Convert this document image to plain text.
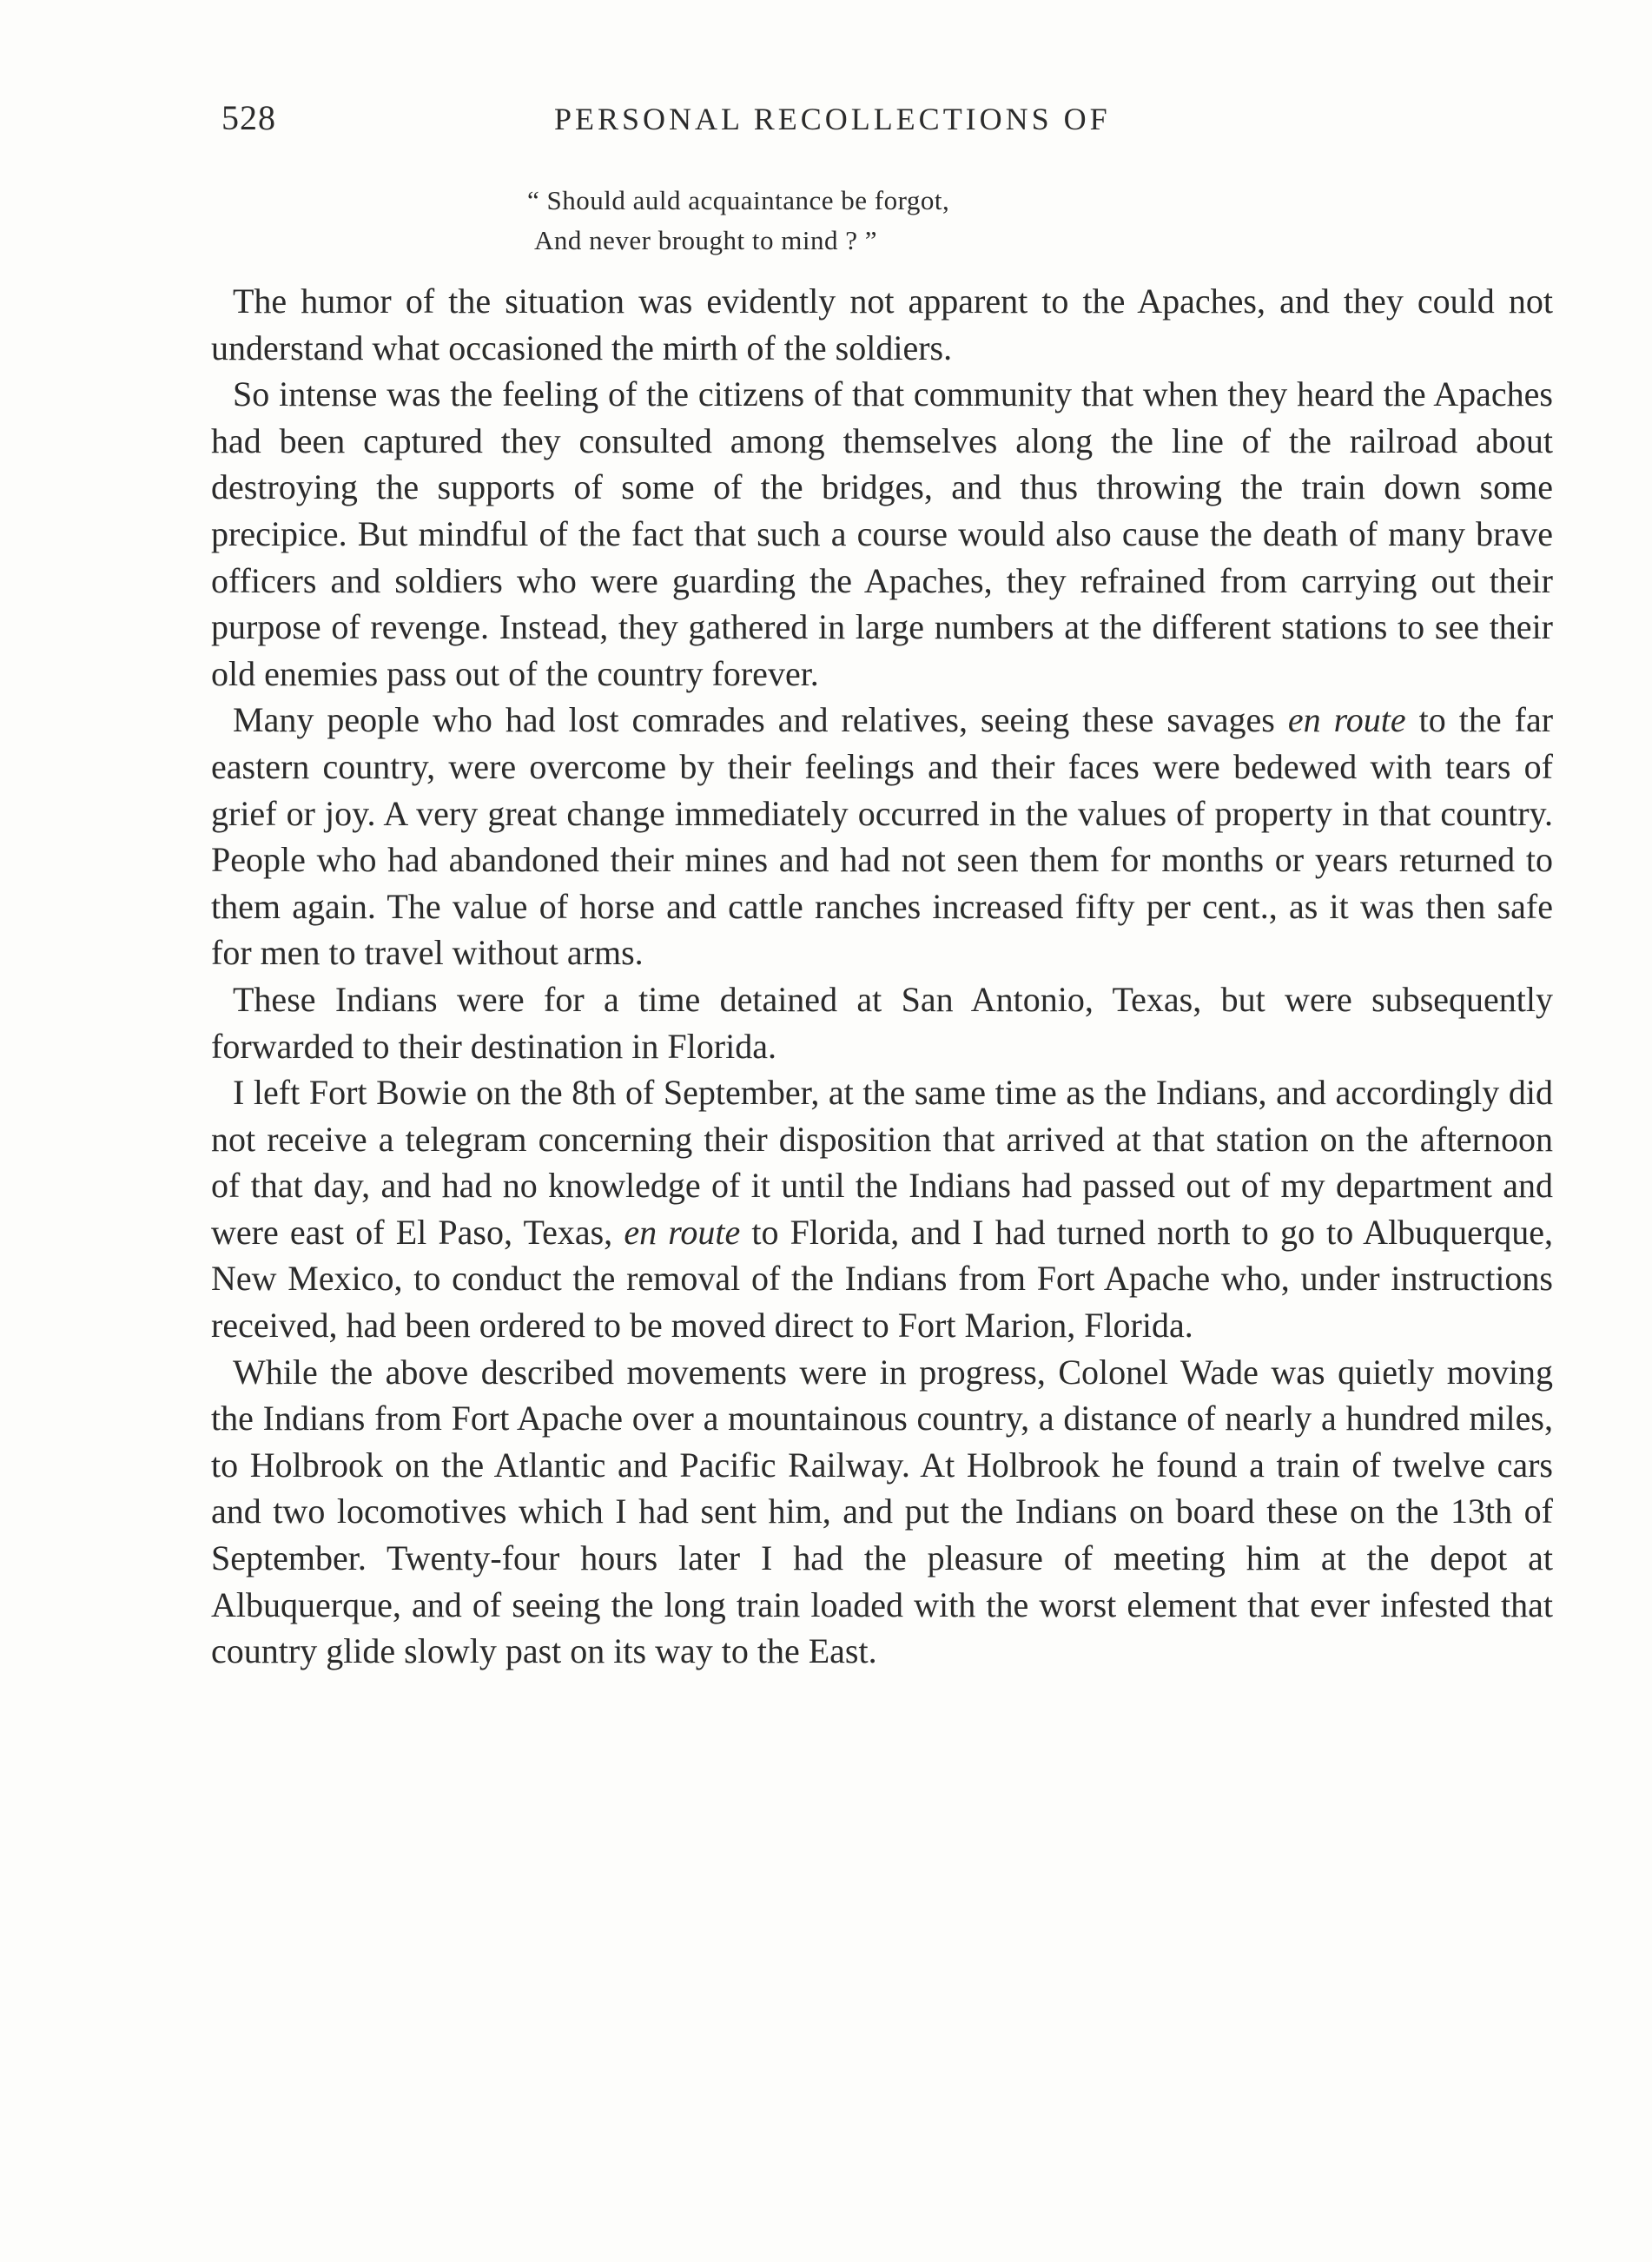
528	PERSONAL RECOLLECTIONS OF
“ Should auld acquaintance be forgot,
And never brought to mind ? ”

The humor of the situation was evidently not apparent to the Apaches, and they could not understand what occasioned the mirth of the soldiers.

So intense was the feeling of the citizens of that community that when they heard the Apaches had been captured they consulted among themselves along the line of the railroad about destroying the supports of some of the bridges, and thus throwing the train down some precipice. But mindful of the fact that such a course would also cause the death of many brave officers and soldiers who were guarding the Apaches, they refrained from carrying out their purpose of revenge. Instead, they gathered in large numbers at the different stations to see their old enemies pass out of the country forever.

Many people who had lost comrades and relatives, seeing these savages en route to the far eastern country, were overcome by their feelings and their faces were bedewed with tears of grief or joy. A very great change immediately occurred in the values of property in that country. People who had abandoned their mines and had not seen them for months or years returned to them again. The value of horse and cattle ranches increased fifty per cent., as it was then safe for men to travel without arms.

These Indians were for a time detained at San Antonio, Texas, but were subsequently forwarded to their destination in Florida.

I left Fort Bowie on the 8th of September, at the same time as the Indians, and accordingly did not receive a telegram concerning their disposition that arrived at that station on the afternoon of that day, and had no knowledge of it until the Indians had passed out of my department and were east of El Paso, Texas, en route to Florida, and I had turned north to go to Albuquerque, New Mexico, to conduct the removal of the Indians from Fort Apache who, under instructions received, had been ordered to be moved direct to Fort Marion, Florida.

While the above described movements were in progress, Colonel Wade was quietly moving the Indians from Fort Apache over a mountainous country, a distance of nearly a hundred miles, to Holbrook on the Atlantic and Pacific Railway. At Holbrook he found a train of twelve cars and two locomotives which I had sent him, and put the Indians on board these on the 13th of September. Twenty-four hours later I had the pleasure of meeting him at the depot at Albuquerque, and of seeing the long train loaded with the worst element that ever infested that country glide slowly past on its way to the East.
